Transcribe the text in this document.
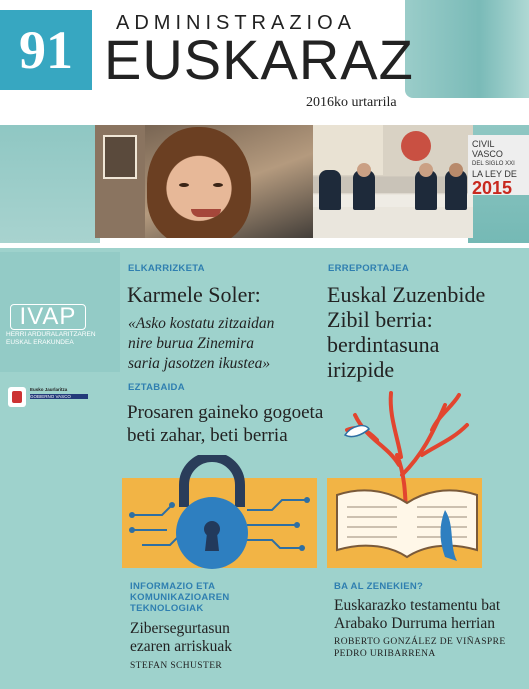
91 ADMINISTRAZIOA
EUSKARAZ
2016ko urtarrila
CIVIL
VASCO
DEL SIGLO XXI
LA LEY DE
2015
IVAP
HERRI ARDURALARITZAREN
EUSKAL ERAKUNDEA
Eusko Jaurlaritza
GOBIERNO VASCO
ELKARRIZKETA
Karmele Soler:
«Asko kostatu zitzaidan
nire burua Zinemira
saria jasotzen ikustea»
ERREPORTAJEA
Euskal Zuzenbide
Zibil berria:
berdintasuna
irizpide
EZTABAIDA
Prosaren gaineko gogoeta
beti zahar, beti berria
INFORMAZIO ETA
KOMUNIKAZIOAREN
TEKNOLOGIAK
Zibersegurtasun
ezaren arriskuak
STEFAN SCHUSTER
BA AL ZENEKIEN?
Euskarazko testamentu bat
Arabako Durruma herrian
ROBERTO GONZÁLEZ DE VIÑASPRE
PEDRO URIBARRENA
